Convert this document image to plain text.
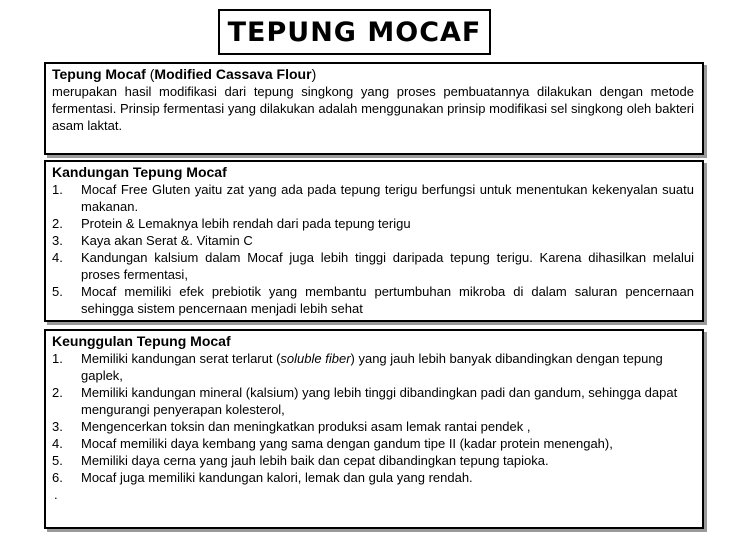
TEPUNG MOCAF
Tepung Mocaf (Modified Cassava Flour)
merupakan hasil modifikasi dari tepung singkong yang proses pembuatannya dilakukan dengan metode fermentasi. Prinsip fermentasi yang dilakukan adalah menggunakan prinsip modifikasi sel singkong oleh bakteri asam laktat.
Kandungan Tepung Mocaf
1.	Mocaf Free Gluten yaitu zat yang ada pada tepung terigu berfungsi untuk menentukan kekenyalan suatu makanan.
2.	Protein & Lemaknya lebih rendah dari pada tepung terigu
3.	Kaya akan Serat &. Vitamin C
4.	Kandungan kalsium dalam Mocaf juga lebih tinggi daripada tepung terigu. Karena dihasilkan melalui proses fermentasi,
5.	Mocaf memiliki efek prebiotik yang membantu pertumbuhan mikroba di dalam saluran pencernaan sehingga sistem pencernaan menjadi lebih sehat
Keunggulan Tepung Mocaf
1.	Memiliki kandungan serat terlarut (soluble fiber) yang jauh lebih banyak dibandingkan dengan tepung gaplek,
2.	Memiliki kandungan mineral (kalsium) yang lebih tinggi dibandingkan padi dan gandum, sehingga dapat mengurangi penyerapan kolesterol,
3.	Mengencerkan toksin dan meningkatkan produksi asam lemak rantai pendek ,
4.	Mocaf memiliki daya kembang yang sama dengan gandum tipe II (kadar protein menengah),
5.	Memiliki daya cerna yang jauh lebih baik dan cepat dibandingkan tepung tapioka.
6.	Mocaf juga memiliki kandungan kalori, lemak dan gula yang rendah.
.
